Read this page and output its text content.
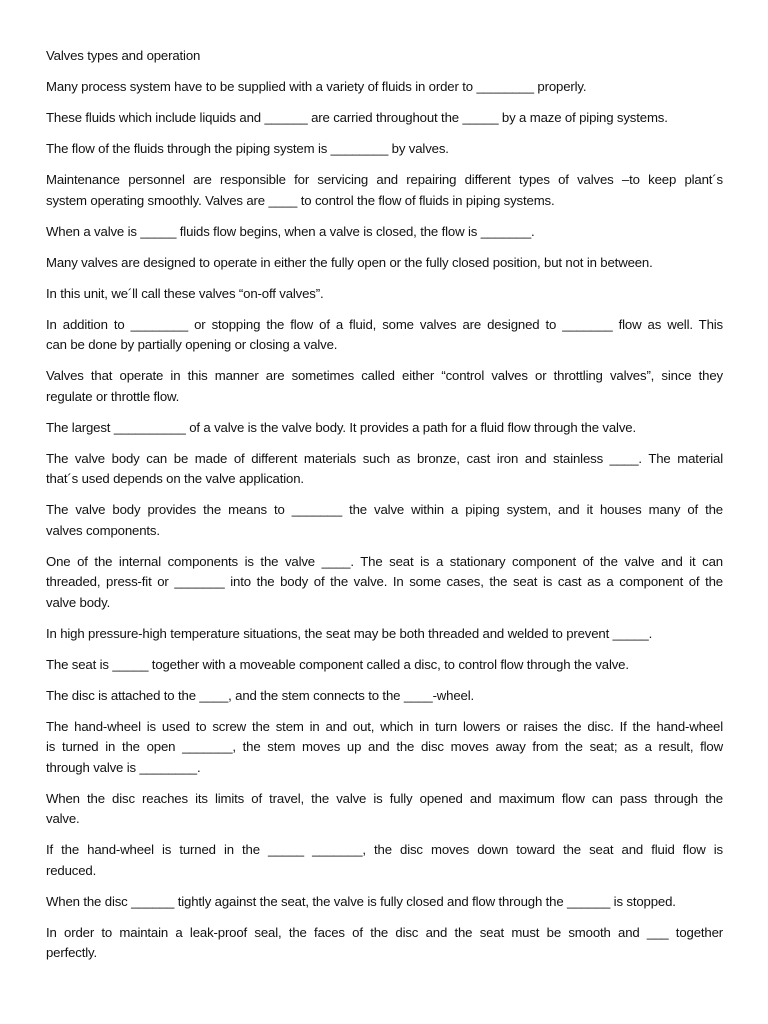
Valves types and operation
Many process system have to be supplied with a variety of fluids in order to ________ properly.
These fluids which include liquids and ______ are carried throughout the _____ by a maze of piping systems.
The flow of the fluids through the piping system is ________ by valves.
Maintenance personnel are responsible for servicing and repairing different types of valves –to keep plant´s
system operating smoothly. Valves are ____ to control the flow of fluids in piping systems.
When a valve is _____ fluids flow begins, when a valve is closed, the flow is _______.
Many valves are designed to operate in either the fully open or the fully closed position, but not in between.
In this unit, we´ll call these valves “on-off valves”.
In addition to ________ or stopping the flow of a fluid, some valves are designed to _______ flow as well. This
can be done by partially opening or closing a valve.
Valves that operate in this manner are sometimes called either “control valves or throttling valves”, since they
regulate or throttle flow.
The largest __________ of a valve is the valve body. It provides a path for a fluid flow through the valve.
The valve body can be made of different materials such as bronze, cast iron and stainless ____. The material
that´s used depends on the valve application.
The valve body provides the means to _______ the valve within a piping system, and it houses many of the
valves components.
One of the internal components is the valve ____. The seat is a stationary component of the valve and it can
threaded, press-fit or _______ into the body of the valve. In some cases, the seat is cast as a component of the
valve body.
In high pressure-high temperature situations, the seat may be both threaded and welded to prevent _____.
The seat is _____ together with a moveable component called a disc, to control flow through the valve.
The disc is attached to the ____, and the stem connects to the ____-wheel.
The hand-wheel is used to screw the stem in and out, which in turn lowers or raises the disc. If the hand-wheel
is turned in the open _______, the stem moves up and the disc moves away from the seat; as a result, flow
through valve is ________.
When the disc reaches its limits of travel, the valve is fully opened and maximum flow can pass through the
valve.
If the hand-wheel is turned in the _____ _______, the disc moves down toward the seat and fluid flow is
reduced.
When the disc ______ tightly against the seat, the valve is fully closed and flow through the ______ is stopped.
In order to maintain a leak-proof seal, the faces of the disc and the seat must be smooth and ___ together
perfectly.
